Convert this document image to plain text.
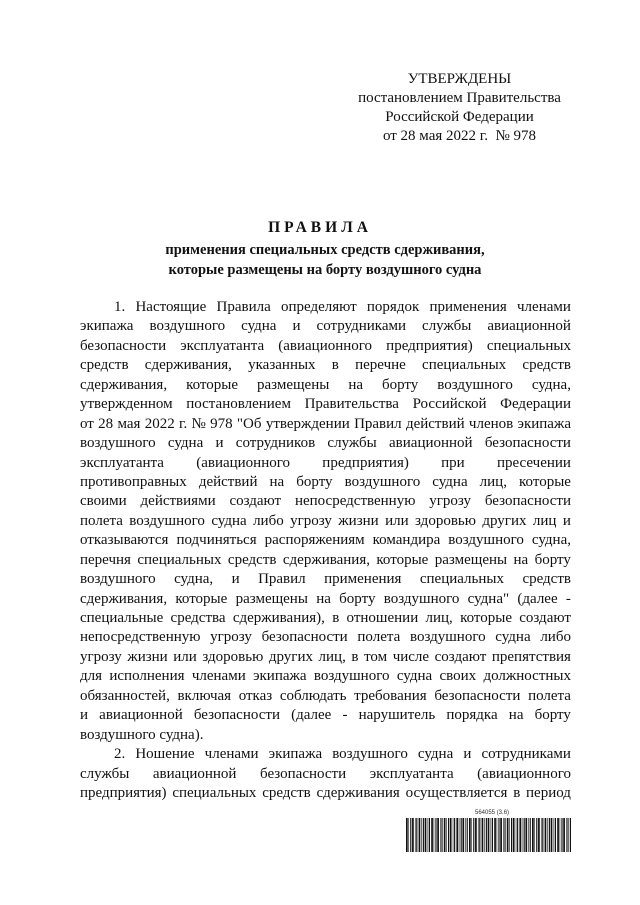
УТВЕРЖДЕНЫ
постановлением Правительства
Российской Федерации
от 28 мая 2022 г.  № 978
ПРАВИЛА
применения специальных средств сдерживания,
которые размещены на борту воздушного судна
1. Настоящие Правила определяют порядок применения членами
экипажа воздушного судна и сотрудниками службы авиационной
безопасности эксплуатанта (авиационного предприятия) специальных
средств сдерживания, указанных в перечне специальных средств
сдерживания, которые размещены на борту воздушного судна,
утвержденном постановлением Правительства Российской Федерации
от 28 мая 2022 г. № 978 "Об утверждении Правил действий членов экипажа
воздушного судна и сотрудников службы авиационной безопасности
эксплуатанта (авиационного предприятия) при пресечении
противоправных действий на борту воздушного судна лиц, которые
своими действиями создают непосредственную угрозу безопасности
полета воздушного судна либо угрозу жизни или здоровью других лиц и
отказываются подчиняться распоряжениям командира воздушного судна,
перечня специальных средств сдерживания, которые размещены на борту
воздушного судна, и Правил применения специальных средств
сдерживания, которые размещены на борту воздушного судна" (далее -
специальные средства сдерживания), в отношении лиц, которые создают
непосредственную угрозу безопасности полета воздушного судна либо
угрозу жизни или здоровью других лиц, в том числе создают препятствия
для исполнения членами экипажа воздушного судна своих должностных
обязанностей, включая отказ соблюдать требования безопасности полета
и авиационной безопасности (далее - нарушитель порядка на борту
воздушного судна).
2. Ношение членами экипажа воздушного судна и сотрудниками
службы авиационной безопасности эксплуатанта (авиационного
предприятия) специальных средств сдерживания осуществляется в период
564055 (3.6)
